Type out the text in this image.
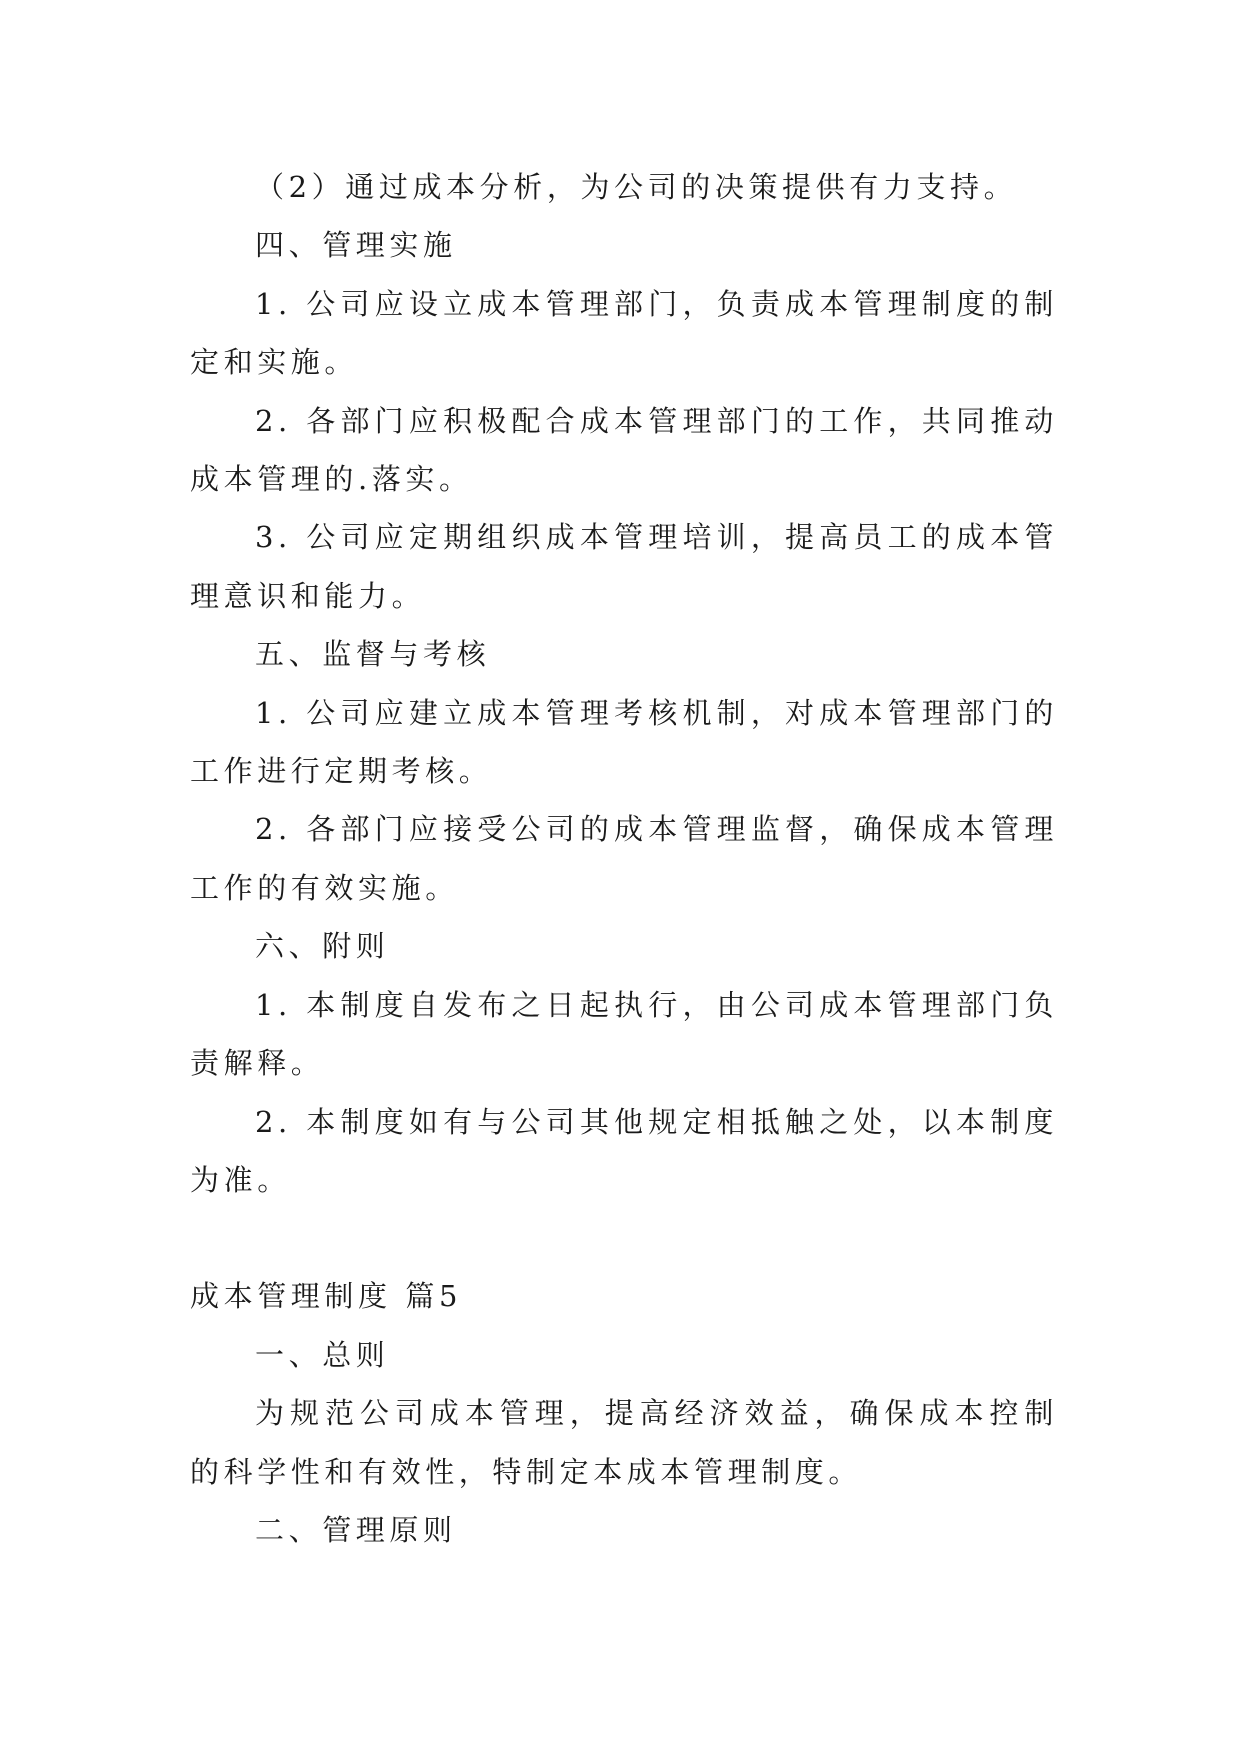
（2）通过成本分析，为公司的决策提供有力支持。

四、管理实施

1. 公司应设立成本管理部门，负责成本管理制度的制定和实施。

2. 各部门应积极配合成本管理部门的工作，共同推动成本管理的.落实。

3. 公司应定期组织成本管理培训，提高员工的成本管理意识和能力。

五、监督与考核

1. 公司应建立成本管理考核机制，对成本管理部门的工作进行定期考核。

2. 各部门应接受公司的成本管理监督，确保成本管理工作的有效实施。

六、附则

1. 本制度自发布之日起执行，由公司成本管理部门负责解释。

2. 本制度如有与公司其他规定相抵触之处，以本制度为准。

成本管理制度 篇5

一、总则

为规范公司成本管理，提高经济效益，确保成本控制的科学性和有效性，特制定本成本管理制度。

二、管理原则
